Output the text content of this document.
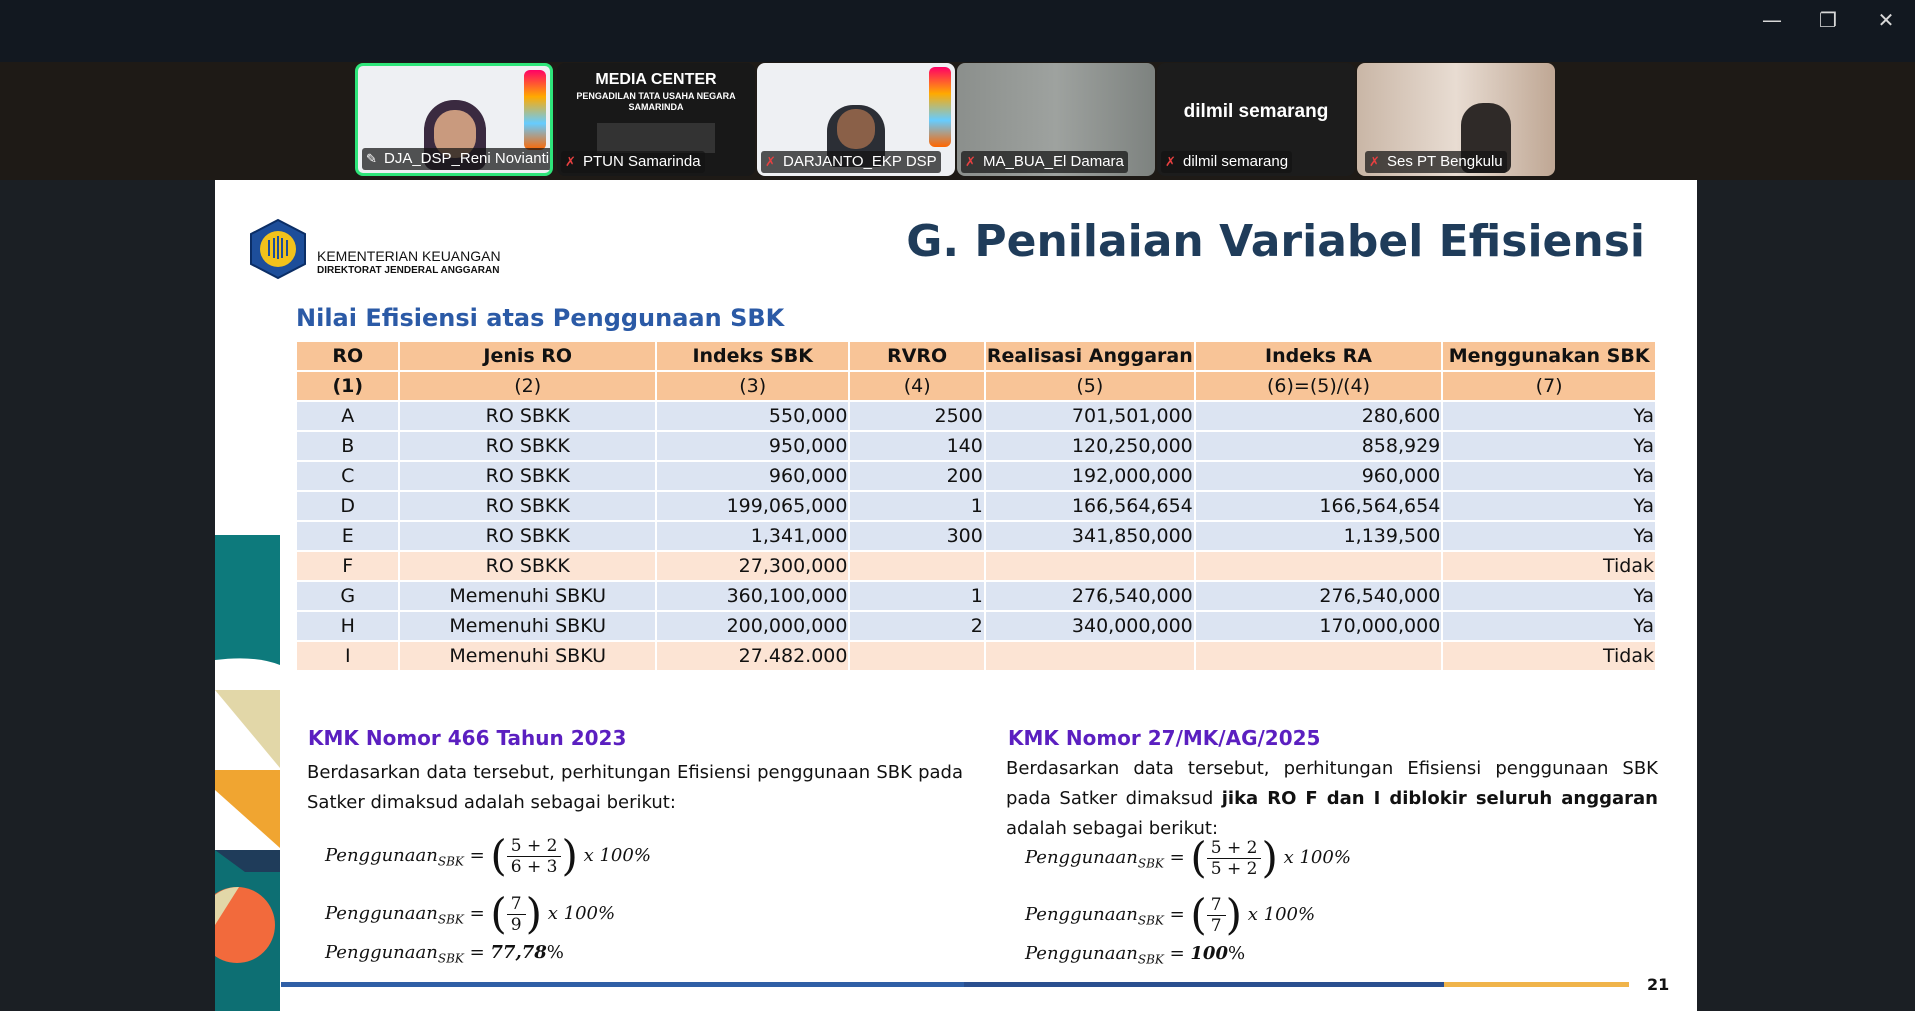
—	❐	✕
✎ DJA_DSP_Reni Novianti
MEDIA CENTER
PENGADILAN TATA USAHA NEGARA
SAMARINDA
✗ PTUN Samarinda	✗ DARJANTO_EKP DSP	✗ MA_BUA_El Damara
dilmil semarang
✗ dilmil semarang	✗ Ses PT Bengkulu
KEMENTERIAN KEUANGAN
DIREKTORAT JENDERAL ANGGARAN
G. Penilaian Variabel Efisiensi
Nilai Efisiensi atas Penggunaan SBK
RO	Jenis RO	Indeks SBK	RVRO	Realisasi Anggaran	Indeks RA	Menggunakan SBK
(1)	(2)	(3)	(4)	(5)	(6)=(5)/(4)	(7)
A	RO SBKK	550,000	2500	701,501,000	280,600	Ya
B	RO SBKK	950,000	140	120,250,000	858,929	Ya
C	RO SBKK	960,000	200	192,000,000	960,000	Ya
D	RO SBKK	199,065,000	1	166,564,654	166,564,654	Ya
E	RO SBKK	1,341,000	300	341,850,000	1,139,500	Ya
F	RO SBKK	27,300,000				Tidak
G	Memenuhi SBKU	360,100,000	1	276,540,000	276,540,000	Ya
H	Memenuhi SBKU	200,000,000	2	340,000,000	170,000,000	Ya
I	Memenuhi SBKU	27.482.000				Tidak
KMK Nomor 466 Tahun 2023
Berdasarkan data tersebut, perhitungan Efisiensi penggunaan SBK pada Satker dimaksud adalah sebagai berikut:
Penggunaan$_{SBK}$ = ( $\frac{5 + 2}{6 + 3}$ ) x 100%
Penggunaan$_{SBK}$ = ( $\frac{7}{9}$ ) x 100%
Penggunaan$_{SBK}$ = 77,78%
KMK Nomor 27/MK/AG/2025
Berdasarkan data tersebut, perhitungan Efisiensi penggunaan SBK pada Satker dimaksud jika RO F dan I diblokir seluruh anggaran adalah sebagai berikut:
Penggunaan$_{SBK}$ = ( $\frac{5 + 2}{5 + 2}$ ) x 100%
Penggunaan$_{SBK}$ = ( $\frac{7}{7}$ ) x 100%
Penggunaan$_{SBK}$ = 100%
21
